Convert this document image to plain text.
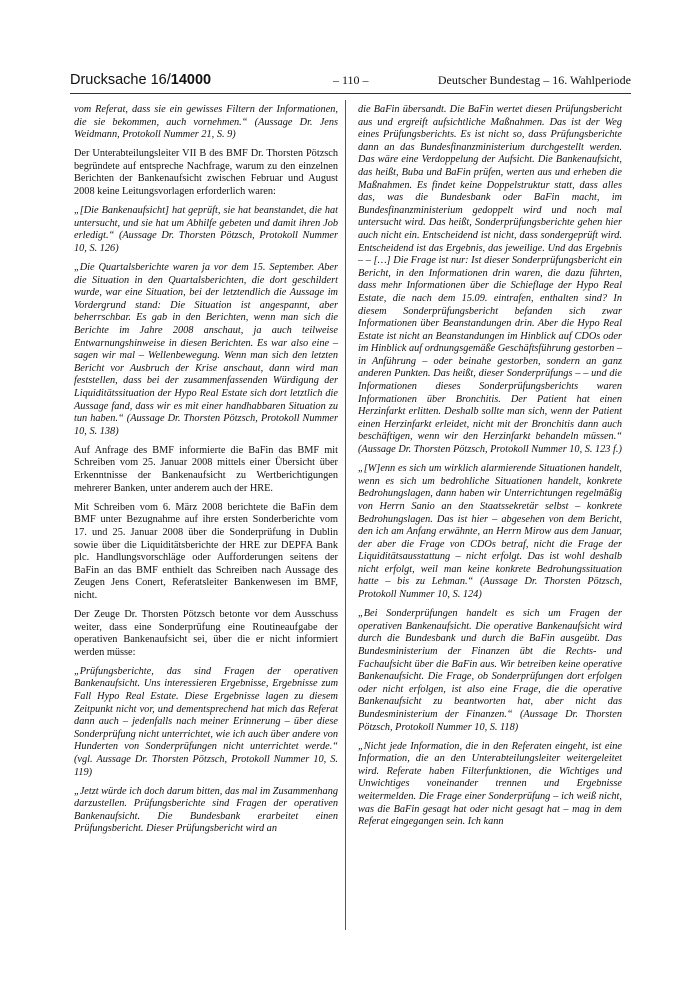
Drucksache 16/14000	– 110 –	Deutscher Bundestag – 16. Wahlperiode

vom Referat, dass sie ein gewisses Filtern der Informationen, die sie bekommen, auch vornehmen.“ (Aussage Dr. Jens Weidmann, Protokoll Nummer 21, S. 9)

Der Unterabteilungsleiter VII B des BMF Dr. Thorsten Pötzsch begründete auf entspreche Nachfrage, warum zu den einzelnen Berichten der Bankenaufsicht zwischen Februar und August 2008 keine Leitungsvorlagen erforderlich waren:

„[Die Bankenaufsicht] hat geprüft, sie hat beanstandet, die hat untersucht, und sie hat um Abhilfe gebeten und damit ihren Job erledigt.“ (Aussage Dr. Thorsten Pötzsch, Protokoll Nummer 10, S. 126)

„Die Quartalsberichte waren ja vor dem 15. September. Aber die Situation in den Quartalsberichten, die dort geschildert wurde, war eine Situation, bei der letztendlich die Aussage im Vordergrund stand: Die Situation ist angespannt, aber beherrschbar. Es gab in den Berichten, wenn man sich die Berichte im Jahre 2008 anschaut, ja auch teilweise Entwarnungshinweise in diesen Berichten. Es war also eine – sagen wir mal – Wellenbewegung. Wenn man sich den letzten Bericht vor Ausbruch der Krise anschaut, dann wird man feststellen, dass bei der zusammenfassenden Würdigung der Liquiditätssituation der Hypo Real Estate sich dort letztlich die Aussage fand, dass wir es mit einer handhabbaren Situation zu tun haben.“ (Aussage Dr. Thorsten Pötzsch, Protokoll Nummer 10, S. 138)

Auf Anfrage des BMF informierte die BaFin das BMF mit Schreiben vom 25. Januar 2008 mittels einer Übersicht über Erkenntnisse der Bankenaufsicht zu Wertberichtigungen mehrerer Banken, unter anderem auch der HRE.

Mit Schreiben vom 6. März 2008 berichtete die BaFin dem BMF unter Bezugnahme auf ihre ersten Sonderberichte vom 17. und 25. Januar 2008 über die Sonderprüfung in Dublin sowie über die Liquiditätsberichte der HRE zur DEPFA Bank plc. Handlungsvorschläge oder Aufforderungen seitens der BaFin an das BMF enthielt das Schreiben nach Aussage des Zeugen Jens Conert, Referatsleiter Bankenwesen im BMF, nicht.

Der Zeuge Dr. Thorsten Pötzsch betonte vor dem Ausschuss weiter, dass eine Sonderprüfung eine Routineaufgabe der operativen Bankenaufsicht sei, über die er nicht informiert werden müsse:

„Prüfungsberichte, das sind Fragen der operativen Bankenaufsicht. Uns interessieren Ergebnisse, Ergebnisse zum Fall Hypo Real Estate. Diese Ergebnisse lagen zu diesem Zeitpunkt nicht vor, und dementsprechend hat mich das Referat dann auch – jedenfalls nach meiner Erinnerung – über diese Sonderprüfung nicht unterrichtet, wie ich auch über andere von Hunderten von Sonderprüfungen nicht unterrichtet werde.“ (vgl. Aussage Dr. Thorsten Pötzsch, Protokoll Nummer 10, S. 119)

„Jetzt würde ich doch darum bitten, das mal im Zusammenhang darzustellen. Prüfungsberichte sind Fragen der operativen Bankenaufsicht. Die Bundesbank erarbeitet einen Prüfungsbericht. Dieser Prüfungsbericht wird an

die BaFin übersandt. Die BaFin wertet diesen Prüfungsbericht aus und ergreift aufsichtliche Maßnahmen. Das ist der Weg eines Prüfungsberichts. Es ist nicht so, dass Prüfungsberichte dann an das Bundesfinanzministerium durchgestellt werden. Das wäre eine Verdoppelung der Aufsicht. Die Bankenaufsicht, das heißt, Buba und BaFin prüfen, werten aus und erheben die Maßnahmen. Es findet keine Doppelstruktur statt, dass alles das, was die Bundesbank oder BaFin macht, im Bundesfinanzministerium gedoppelt wird und noch mal untersucht wird. Das heißt, Sonderprüfungsberichte gehen hier auch nicht ein. Entscheidend ist nicht, dass sondergeprüft wird. Entscheidend ist das Ergebnis, das jeweilige. Und das Ergebnis – – […] Die Frage ist nur: Ist dieser Sonderprüfungsbericht ein Bericht, in den Informationen drin waren, die dazu führten, dass mehr Informationen über die Schieflage der Hypo Real Estate, die nach dem 15.09. eintrafen, enthalten sind? In diesem Sonderprüfungsbericht befanden sich zwar Informationen über Beanstandungen drin. Aber die Hypo Real Estate ist nicht an Beanstandungen im Hinblick auf CDOs oder im Hinblick auf ordnungsgemäße Geschäftsführung gestorben – in Anführung – oder beinahe gestorben, sondern an ganz anderen Punkten. Das heißt, dieser Sonderprüfungs – – und die Informationen dieses Sonderprüfungsberichts waren Informationen über Bronchitis. Der Patient hat einen Herzinfarkt erlitten. Deshalb sollte man sich, wenn der Patient einen Herzinfarkt erleidet, nicht mit der Bronchitis dann auch beschäftigen, wenn wir den Herzinfarkt behandeln müssen.“ (Aussage Dr. Thorsten Pötzsch, Protokoll Nummer 10, S. 123 f.)

„[W]enn es sich um wirklich alarmierende Situationen handelt, wenn es sich um bedrohliche Situationen handelt, konkrete Bedrohungslagen, dann haben wir Unterrichtungen regelmäßig von Herrn Sanio an den Staatssekretär selbst – konkrete Bedrohungslagen. Das ist hier – abgesehen von dem Bericht, den ich am Anfang erwähnte, an Herrn Mirow aus dem Januar, der aber die Frage von CDOs betraf, nicht die Frage der Liquiditätsausstattung – nicht erfolgt. Das ist wohl deshalb nicht erfolgt, weil man keine konkrete Bedrohungssituation hatte – bis zu Lehman.“ (Aussage Dr. Thorsten Pötzsch, Protokoll Nummer 10, S. 124)

„Bei Sonderprüfungen handelt es sich um Fragen der operativen Bankenaufsicht. Die operative Bankenaufsicht wird durch die Bundesbank und durch die BaFin ausgeübt. Das Bundesministerium der Finanzen übt die Rechts- und Fachaufsicht über die BaFin aus. Wir betreiben keine operative Bankenaufsicht. Die Frage, ob Sonderprüfungen dort erfolgen oder nicht erfolgen, ist also eine Frage, die die operative Bankenaufsicht zu beantworten hat, aber nicht das Bundesministerium der Finanzen.“ (Aussage Dr. Thorsten Pötzsch, Protokoll Nummer 10, S. 118)

„Nicht jede Information, die in den Referaten eingeht, ist eine Information, die an den Unterabteilungsleiter weitergeleitet wird. Referate haben Filterfunktionen, die Wichtiges und Unwichtiges voneinander trennen und Ergebnisse weitermelden. Die Frage einer Sonderprüfung – ich weiß nicht, was die BaFin gesagt hat oder nicht gesagt hat – mag in dem Referat eingegangen sein. Ich kann
